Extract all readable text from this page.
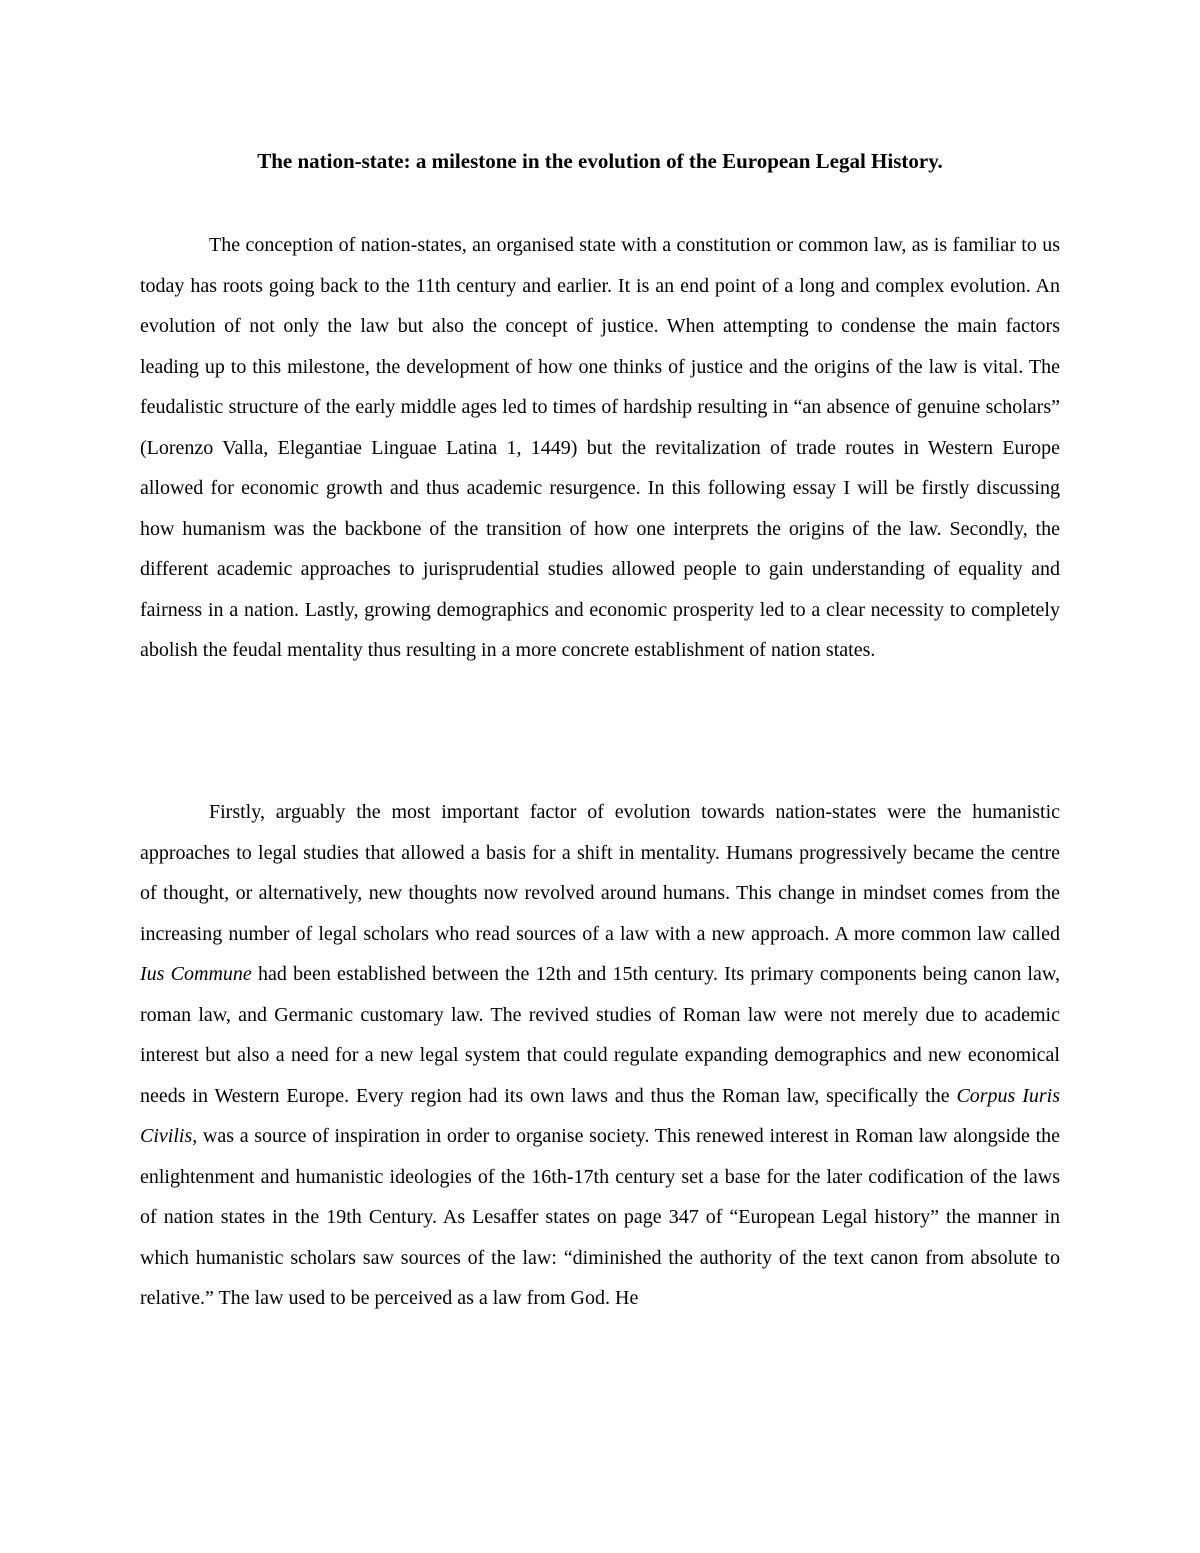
The nation-state: a milestone in the evolution of the European Legal History.

The conception of nation-states, an organised state with a constitution or common law, as is familiar to us today has roots going back to the 11th century and earlier. It is an end point of a long and complex evolution. An evolution of not only the law but also the concept of justice. When attempting to condense the main factors leading up to this milestone, the development of how one thinks of justice and the origins of the law is vital. The feudalistic structure of the early middle ages led to times of hardship resulting in “an absence of genuine scholars” (Lorenzo Valla, Elegantiae Linguae Latina 1, 1449) but the revitalization of trade routes in Western Europe allowed for economic growth and thus academic resurgence. In this following essay I will be firstly discussing how humanism was the backbone of the transition of how one interprets the origins of the law. Secondly, the different academic approaches to jurisprudential studies allowed people to gain understanding of equality and fairness in a nation. Lastly, growing demographics and economic prosperity led to a clear necessity to completely abolish the feudal mentality thus resulting in a more concrete establishment of nation states.

Firstly, arguably the most important factor of evolution towards nation-states were the humanistic approaches to legal studies that allowed a basis for a shift in mentality. Humans progressively became the centre of thought, or alternatively, new thoughts now revolved around humans. This change in mindset comes from the increasing number of legal scholars who read sources of a law with a new approach. A more common law called Ius Commune had been established between the 12th and 15th century. Its primary components being canon law, roman law, and Germanic customary law. The revived studies of Roman law were not merely due to academic interest but also a need for a new legal system that could regulate expanding demographics and new economical needs in Western Europe. Every region had its own laws and thus the Roman law, specifically the Corpus Iuris Civilis, was a source of inspiration in order to organise society. This renewed interest in Roman law alongside the enlightenment and humanistic ideologies of the 16th-17th century set a base for the later codification of the laws of nation states in the 19th Century. As Lesaffer states on page 347 of “European Legal history” the manner in which humanistic scholars saw sources of the law: “diminished the authority of the text canon from absolute to relative.” The law used to be perceived as a law from God. He
